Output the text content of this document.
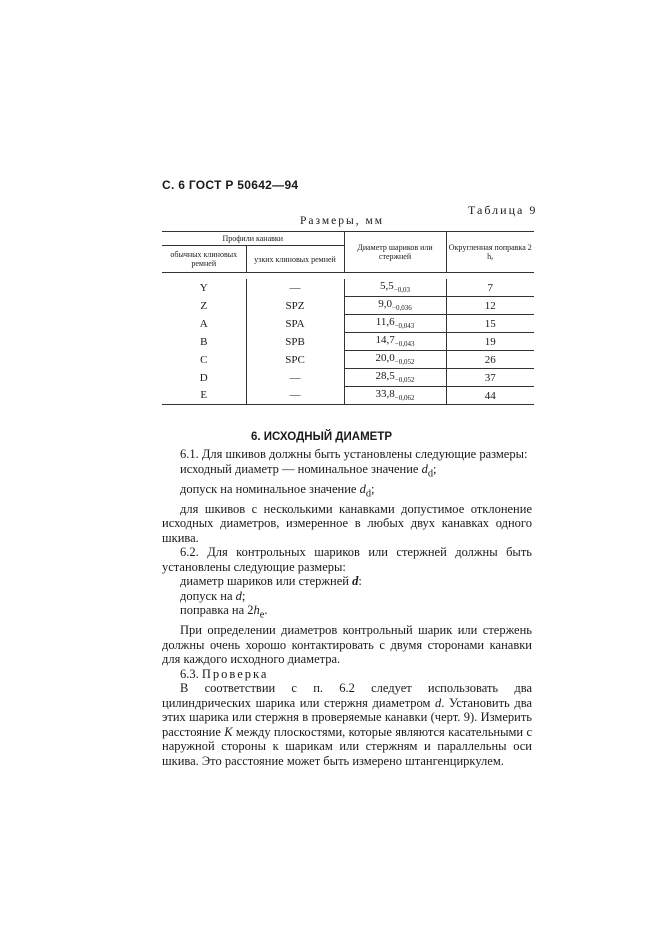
С. 6 ГОСТ Р 50642—94
Таблица 9
Размеры, мм
Профили канавки		Диаметр шариков или стержней	Округленная поправка 2 hₐ
обычных клиновых ремней	узких клиновых ремней		

Y	—	$5,5_{-0,03}$	7
Z	SPZ	$9,0_{-0,036}$	12
A	SPA	$11,6_{-0,043}$	15
B	SPB	$14,7_{-0,043}$	19
C	SPC	$20,0_{-0,052}$	26
D	—	$28,5_{-0,052}$	37
E	—	$33,8_{-0,062}$	44
6. ИСХОДНЫЙ ДИАМЕТР

6.1. Для шкивов должны быть установлены следующие размеры:

исходный диаметр — номинальное значение $d_d$;

допуск на номинальное значение $d_d$;

для шкивов с несколькими канавками допустимое отклонение исходных диаметров, измеренное в любых двух канавках одного шкива.

6.2. Для контрольных шариков или стержней должны быть установлены следующие размеры:

диаметр шариков или стержней d:

допуск на d;

поправка на $2h_e$.

При определении диаметров контрольный шарик или стержень должны очень хорошо контактировать с двумя сторонами канавки для каждого исходного диаметра.

6.3. Проверка

В соответствии с п. 6.2 следует использовать два цилиндрических шарика или стержня диаметром d. Установить два этих шарика или стержня в проверяемые канавки (черт. 9). Измерить расстояние K между плоскостями, которые являются касательными с наружной стороны к шарикам или стержням и параллельны оси шкива. Это расстояние может быть измерено штангенциркулем.
